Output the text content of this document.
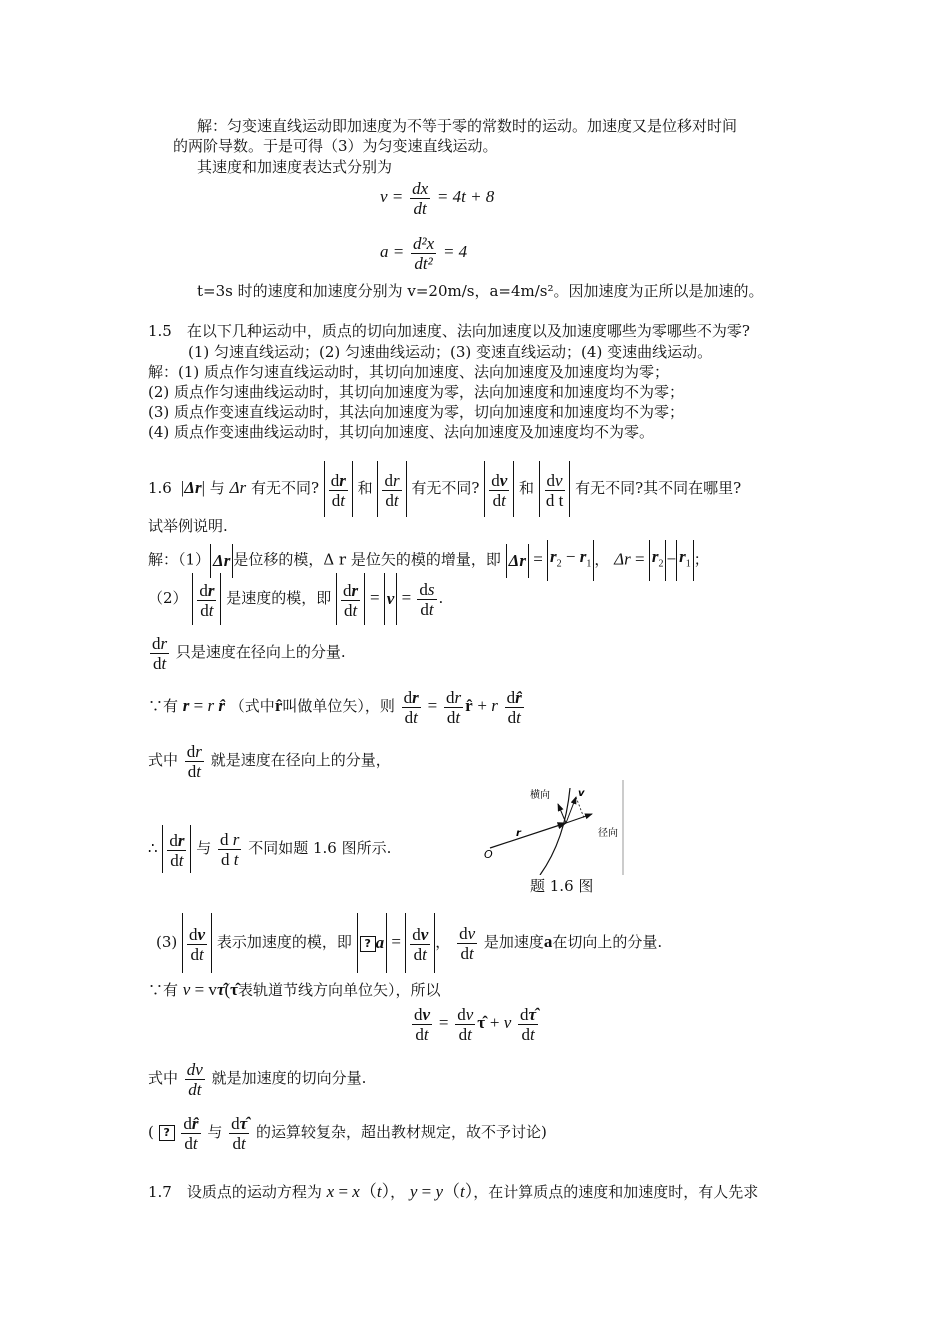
解：匀变速直线运动即加速度为不等于零的常数时的运动。加速度又是位移对时间
的两阶导数。于是可得（3）为匀变速直线运动。
其速度和加速度表达式分别为
$v = \frac{dx}{dt} = 4t + 8$
$a = \frac{\text{d²x}}{\text{dt²}} = 4$
t=3s 时的速度和加速度分别为 v=20m/s，a=4m/s²。因加速度为正所以是加速的。
1.5　在以下几种运动中，质点的切向加速度、法向加速度以及加速度哪些为零哪些不为零?
(1) 匀速直线运动；(2) 匀速曲线运动；(3) 变速直线运动；(4) 变速曲线运动。
解：(1) 质点作匀速直线运动时，其切向加速度、法向加速度及加速度均为零；
(2) 质点作匀速曲线运动时，其切向加速度为零，法向加速度和加速度均不为零；
(3) 质点作变速直线运动时，其法向加速度为零，切向加速度和加速度均不为零；
(4) 质点作变速曲线运动时，其切向加速度、法向加速度及加速度均不为零。
1.6  |Δr| 与 Δr 有无不同? $\frac{dr}{dt}$ 和 $\frac{dr}{dt}$ 有无不同? $\frac{dv}{dt}$ 和 $\frac{dv}{\text{d t}}$ 有无不同?其不同在哪里?
试举例说明.
解：（1） Δr 是位移的模，Δ r 是位矢的模的增量，即 $\Delta r = r_2 - r_1$ ， $\Delta r = r_2 - r_1$ ；
$(2) \frac{dr}{dt}$ 是速度的模，即 $\frac{dr}{dt} = v = \frac{ds}{dt}$ .
$\frac{dr}{dt}$ 只是速度在径向上的分量.
∵有 r = r r̂ （式中r̂叫做单位矢），则 $\frac{dr}{dt} = \frac{dr}{dt}$ r̂ + r $\frac{dr̂}{dt}$
式中 $\frac{dr}{dt}$ 就是速度在径向上的分量，
∴ $\frac{dr}{dt}$ 与 $\frac{\text{d r}}{\text{d t}}$ 不同如题 1.6 图所示.
横向
径向
v
r
O
题 1.6 图
$(3) \frac{dv}{dt}$ 表示加速度的模，即 ? $a = \frac{dv}{dt}$ ， $\frac{dv}{dt}$ 是加速度a在切向上的分量.
∵有 v = vτ̂(τ̂表轨道节线方向单位矢），所以
$\frac{dv}{dt} = \frac{dv}{dt}$ τ̂ + v $\frac{d\taû}{dt}$
式中 $\frac{dv}{dt}$ 就是加速度的切向分量.
( ? $\frac{dr̂}{dt}$ 与 $\frac{d\taû}{dt}$ 的运算较复杂，超出教材规定，故不予讨论)
1.7　设质点的运动方程为 x = x（t）， y = y（t），在计算质点的速度和加速度时，有人先求
